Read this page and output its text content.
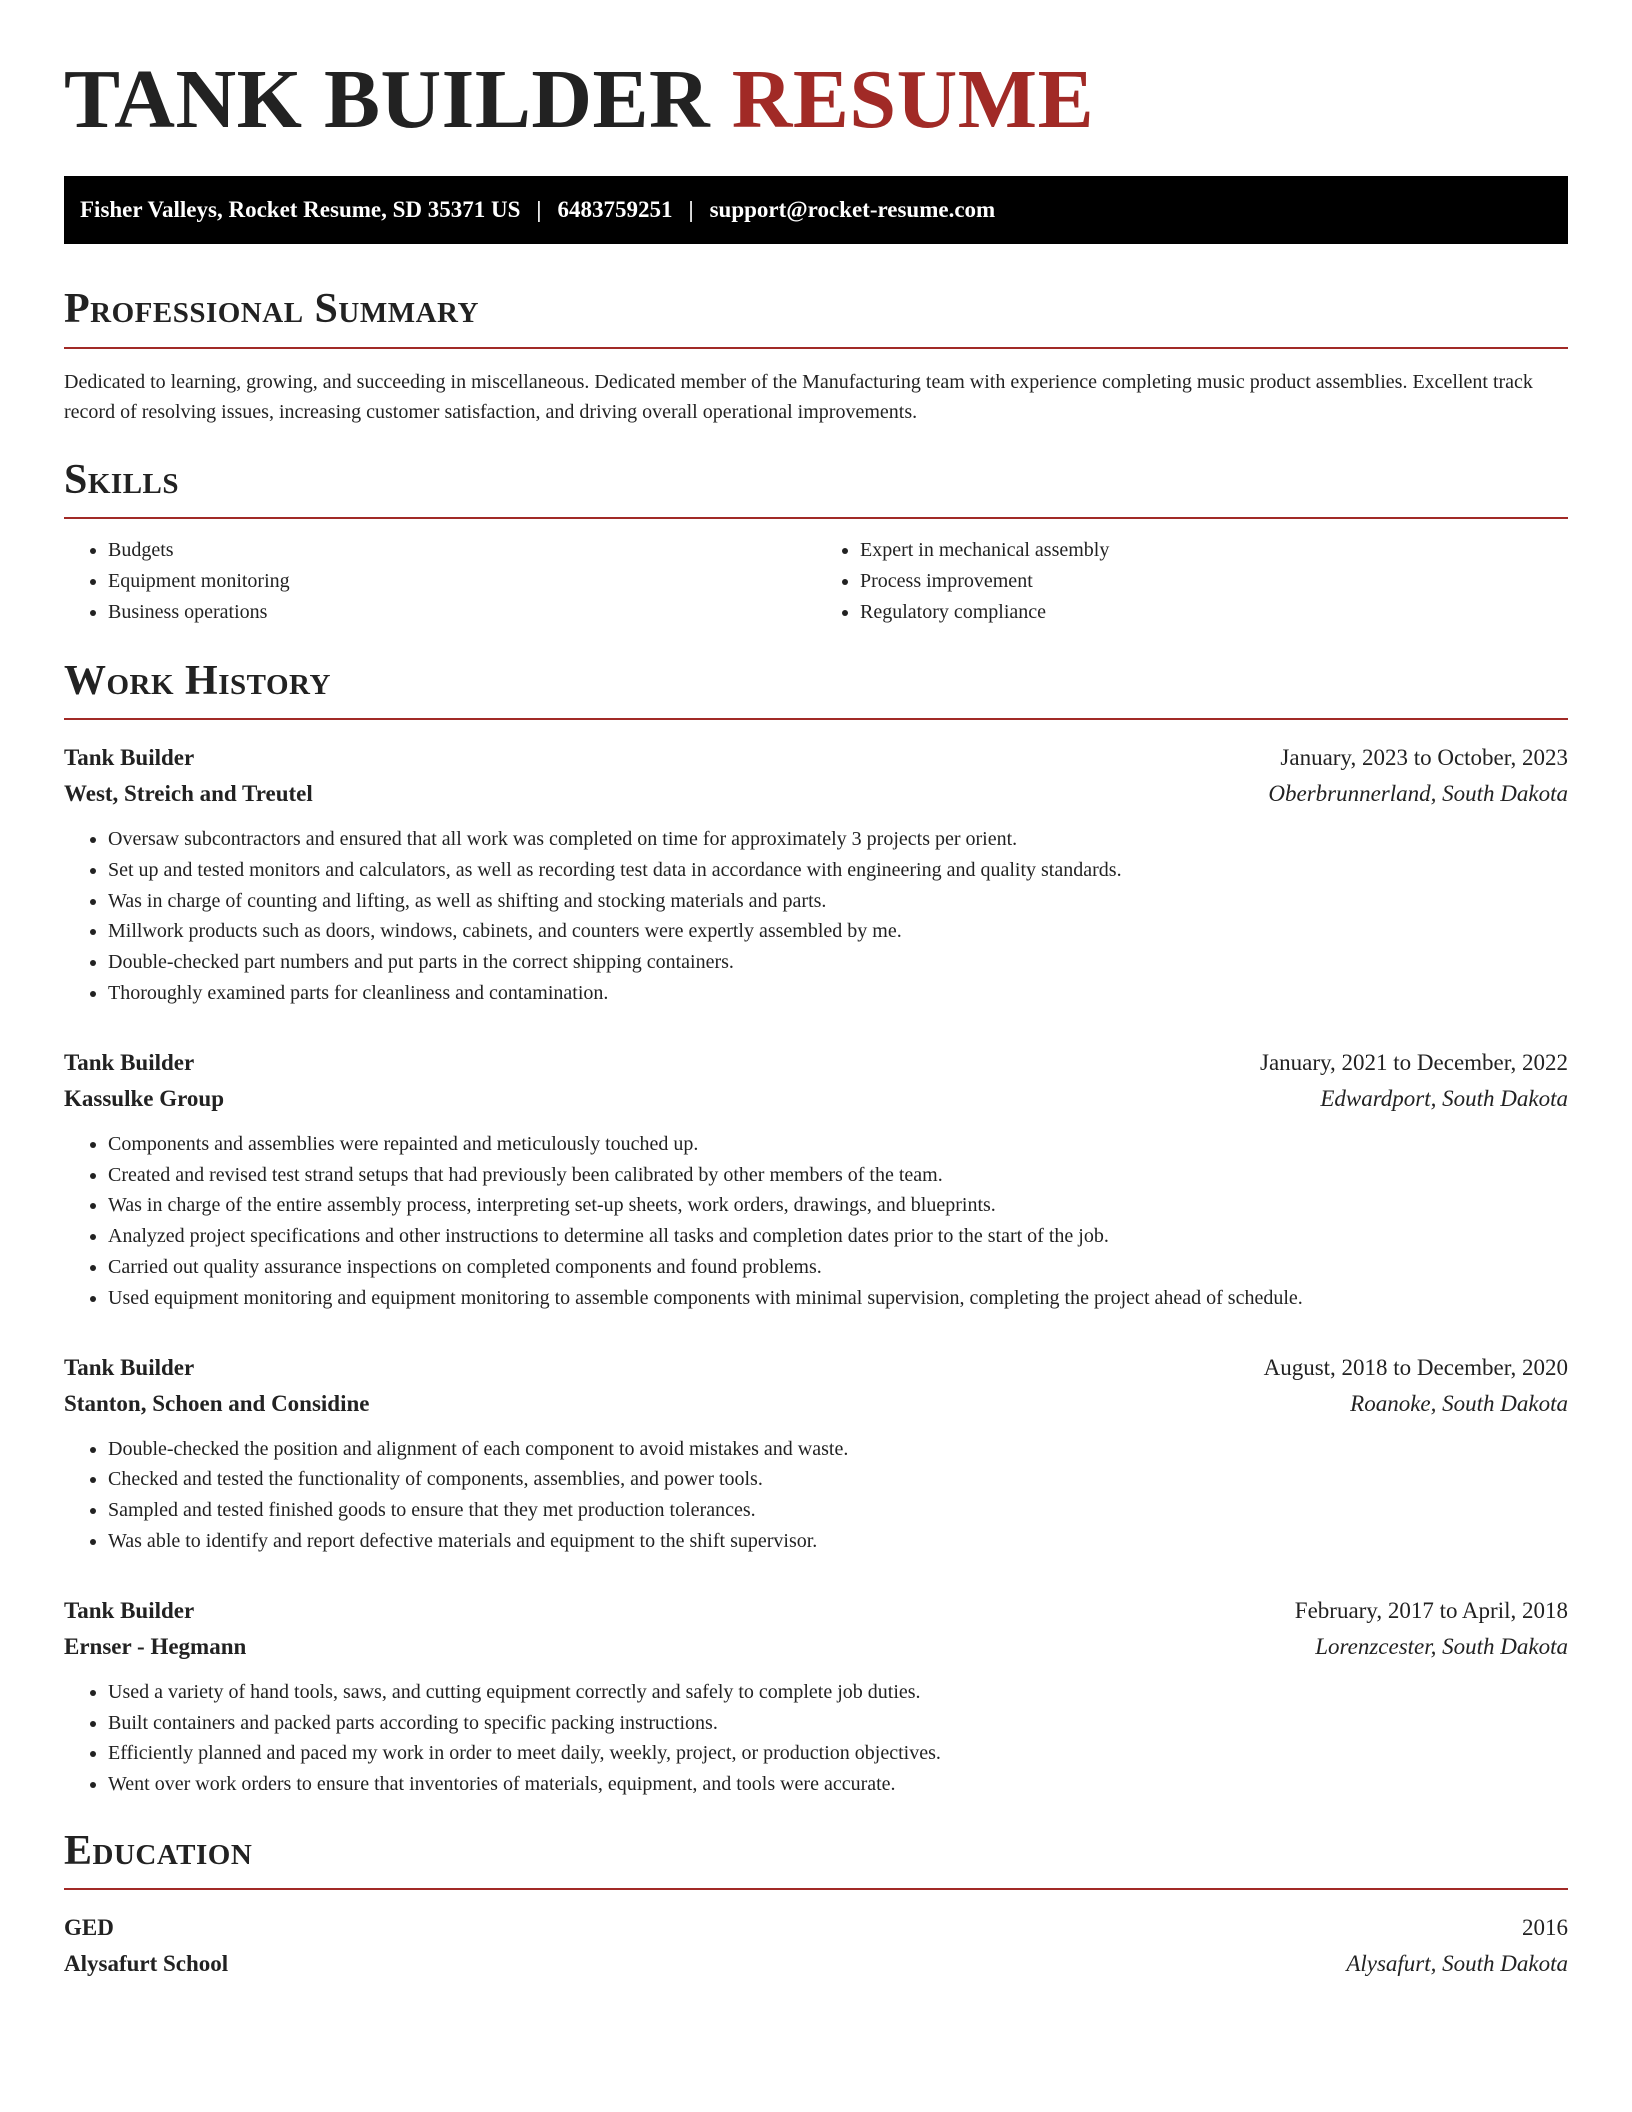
TANK BUILDER RESUME
Fisher Valleys, Rocket Resume, SD 35371 US | 6483759251 | support@rocket-resume.com
Professional Summary

Dedicated to learning, growing, and succeeding in miscellaneous. Dedicated member of the Manufacturing team with experience completing music product assemblies. Excellent track record of resolving issues, increasing customer satisfaction, and driving overall operational improvements.

Skills
• Budgets
• Equipment monitoring
• Business operations
• Expert in mechanical assembly
• Process improvement
• Regulatory compliance
Work History
Tank Builder	January, 2023 to October, 2023
West, Streich and Treutel	Oberbrunnerland, South Dakota
• Oversaw subcontractors and ensured that all work was completed on time for approximately 3 projects per orient.
• Set up and tested monitors and calculators, as well as recording test data in accordance with engineering and quality standards.
• Was in charge of counting and lifting, as well as shifting and stocking materials and parts.
• Millwork products such as doors, windows, cabinets, and counters were expertly assembled by me.
• Double-checked part numbers and put parts in the correct shipping containers.
• Thoroughly examined parts for cleanliness and contamination.
Tank Builder	January, 2021 to December, 2022
Kassulke Group	Edwardport, South Dakota
• Components and assemblies were repainted and meticulously touched up.
• Created and revised test strand setups that had previously been calibrated by other members of the team.
• Was in charge of the entire assembly process, interpreting set-up sheets, work orders, drawings, and blueprints.
• Analyzed project specifications and other instructions to determine all tasks and completion dates prior to the start of the job.
• Carried out quality assurance inspections on completed components and found problems.
• Used equipment monitoring and equipment monitoring to assemble components with minimal supervision, completing the project ahead of schedule.
Tank Builder	August, 2018 to December, 2020
Stanton, Schoen and Considine	Roanoke, South Dakota
• Double-checked the position and alignment of each component to avoid mistakes and waste.
• Checked and tested the functionality of components, assemblies, and power tools.
• Sampled and tested finished goods to ensure that they met production tolerances.
• Was able to identify and report defective materials and equipment to the shift supervisor.
Tank Builder	February, 2017 to April, 2018
Ernser - Hegmann	Lorenzcester, South Dakota
• Used a variety of hand tools, saws, and cutting equipment correctly and safely to complete job duties.
• Built containers and packed parts according to specific packing instructions.
• Efficiently planned and paced my work in order to meet daily, weekly, project, or production objectives.
• Went over work orders to ensure that inventories of materials, equipment, and tools were accurate.
Education
GED	2016
Alysafurt School	Alysafurt, South Dakota
